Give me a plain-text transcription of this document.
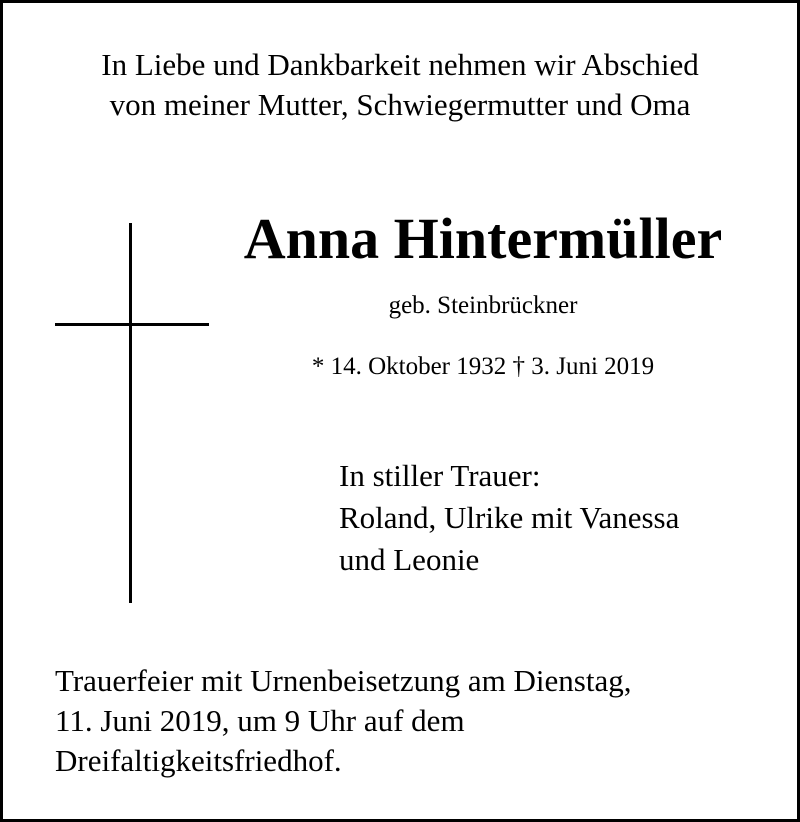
In Liebe und Dankbarkeit nehmen wir Abschied
von meiner Mutter, Schwiegermutter und Oma
Anna Hintermüller
geb. Steinbrückner
* 14. Oktober 1932 † 3. Juni 2019
In stiller Trauer:
Roland, Ulrike mit Vanessa
und Leonie
Trauerfeier mit Urnenbeisetzung am Dienstag,
11. Juni 2019, um 9 Uhr auf dem
Dreifaltigkeitsfriedhof.
